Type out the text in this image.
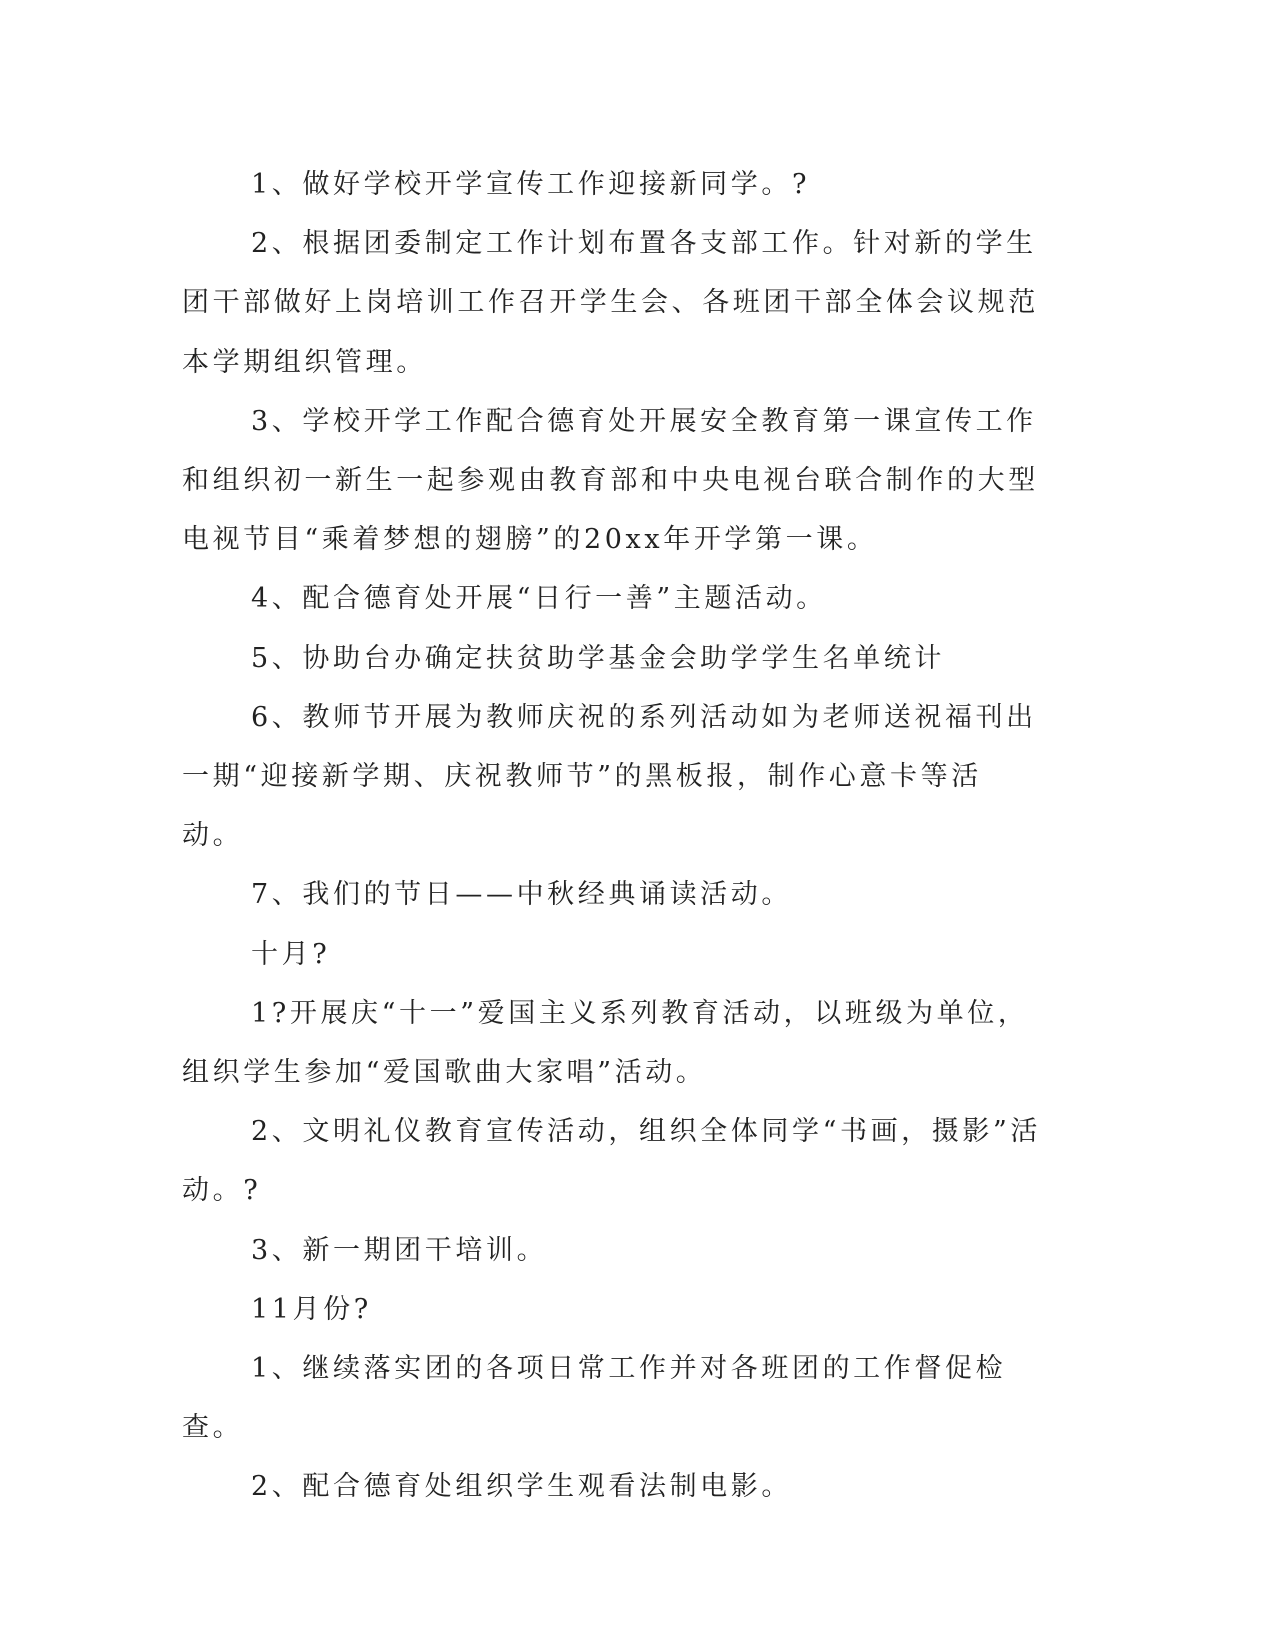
1、做好学校开学宣传工作迎接新同学。?

2、根据团委制定工作计划布置各支部工作。针对新的学生团干部做好上岗培训工作召开学生会、各班团干部全体会议规范本学期组织管理。

3、学校开学工作配合德育处开展安全教育第一课宣传工作和组织初一新生一起参观由教育部和中央电视台联合制作的大型电视节目“乘着梦想的翅膀”的20xx年开学第一课。

4、配合德育处开展“日行一善”主题活动。

5、协助台办确定扶贫助学基金会助学学生名单统计

6、教师节开展为教师庆祝的系列活动如为老师送祝福刊出一期“迎接新学期、庆祝教师节”的黑板报，制作心意卡等活动。

7、我们的节日——中秋经典诵读活动。

十月?

1?开展庆“十一”爱国主义系列教育活动，以班级为单位，组织学生参加“爱国歌曲大家唱”活动。

2、文明礼仪教育宣传活动，组织全体同学“书画，摄影”活动。?

3、新一期团干培训。

11月份?

1、继续落实团的各项日常工作并对各班团的工作督促检查。

2、配合德育处组织学生观看法制电影。
